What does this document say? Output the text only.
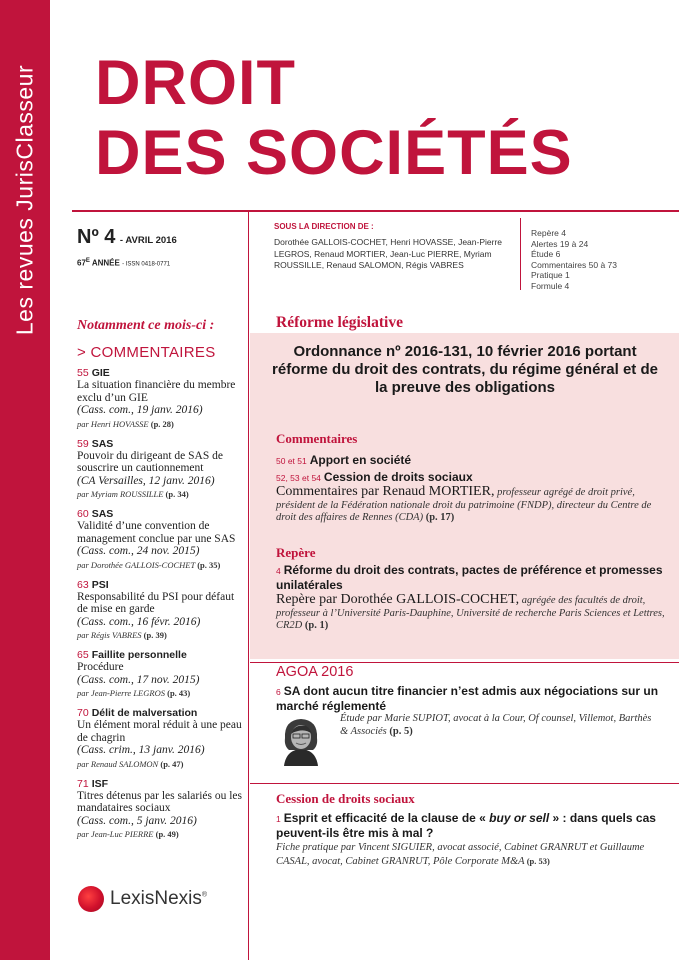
Les revues JurisClasseur DROIT
DES SOCIÉTÉS
Nº 4 - AVRIL 2016
$67^E$ ANNÉE - ISSN 0418-0771
SOUS LA DIRECTION DE :
Dorothée GALLOIS-COCHET, Henri HOVASSE, Jean-Pierre LEGROS, Renaud MORTIER, Jean-Luc PIERRE, Myriam ROUSSILLE, Renaud SALOMON, Régis VABRES
Repère 4
Alertes 19 à 24
Étude 6
Commentaires 50 à 73
Pratique 1
Formule 4
Notamment ce mois-ci :
> COMMENTAIRES
55 GIE
La situation financière du membre exclu d’un GIE
(Cass. com., 19 janv. 2016)
par Henri HOVASSE (p. 28)
59 SAS
Pouvoir du dirigeant de SAS de souscrire un cautionnement
(CA Versailles, 12 janv. 2016)
par Myriam ROUSSILLE (p. 34)
60 SAS
Validité d’une convention de management conclue par une SAS
(Cass. com., 24 nov. 2015)
par Dorothée GALLOIS-COCHET (p. 35)
63 PSI
Responsabilité du PSI pour défaut de mise en garde
(Cass. com., 16 févr. 2016)
par Régis VABRES (p. 39)
65 Faillite personnelle
Procédure
(Cass. com., 17 nov. 2015)
par Jean-Pierre LEGROS (p. 43)
70 Délit de malversation
Un élément moral réduit à une peau de chagrin
(Cass. crim., 13 janv. 2016)
par Renaud SALOMON (p. 47)
71 ISF
Titres détenus par les salariés ou les mandataires sociaux
(Cass. com., 5 janv. 2016)
par Jean-Luc PIERRE (p. 49)
LexisNexis®
Réforme législative
Ordonnance nº 2016-131, 10 février 2016 portant réforme du droit des contrats, du régime général et de la preuve des obligations
Commentaires
50 et 51 Apport en société
52, 53 et 54 Cession de droits sociaux
Commentaires par Renaud MORTIER, professeur agrégé de droit privé, président de la Fédération nationale droit du patrimoine (FNDP), directeur du Centre de droit des affaires de Rennes (CDA) (p. 17)
Repère
4 Réforme du droit des contrats, pactes de préférence et promesses unilatérales
Repère par Dorothée GALLOIS-COCHET, agrégée des facultés de droit, professeur à l’Université Paris-Dauphine, Université de recherche Paris Sciences et Lettres, CR2D (p. 1)
AGOA 2016
6 SA dont aucun titre financier n’est admis aux négociations sur un marché réglementé
Étude par Marie SUPIOT, avocat à la Cour, Of counsel, Villemot, Barthès & Associés (p. 5)
Cession de droits sociaux
1 Esprit et efficacité de la clause de « buy or sell » : dans quels cas peuvent-ils être mis à mal ?
Fiche pratique par Vincent SIGUIER, avocat associé, Cabinet GRANRUT et Guillaume CASAL, avocat, Cabinet GRANRUT, Pôle Corporate M&A (p. 53)
